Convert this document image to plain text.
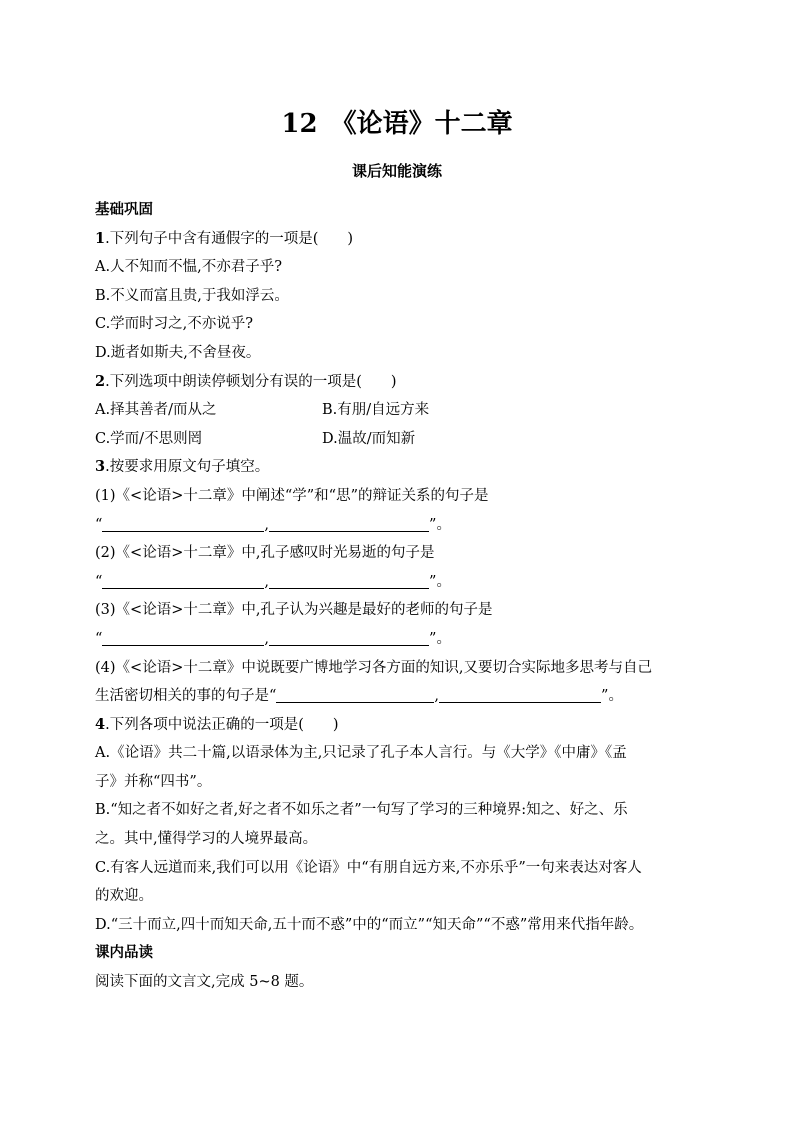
12　《论语》十二章
课后知能演练
基础巩固
1.下列句子中含有通假字的一项是(　　)
A.人不知而不愠,不亦君子乎?
B.不义而富且贵,于我如浮云。
C.学而时习之,不亦说乎?
D.逝者如斯夫,不舍昼夜。
2.下列选项中朗读停顿划分有误的一项是(　　)
A.择其善者/而从之	B.有朋/自远方来
C.学而/不思则罔	D.温故/而知新
3.按要求用原文句子填空。
(1)《<论语>十二章》中阐述“学”和“思”的辩证关系的句子是
“	,	”。
(2)《<论语>十二章》中,孔子感叹时光易逝的句子是
“	,	”。
(3)《<论语>十二章》中,孔子认为兴趣是最好的老师的句子是
“	,	”。
(4)《<论语>十二章》中说既要广博地学习各方面的知识,又要切合实际地多思考与自己
生活密切相关的事的句子是“	,	”。
4.下列各项中说法正确的一项是(　　)
A.《论语》共二十篇,以语录体为主,只记录了孔子本人言行。与《大学》《中庸》《孟
子》并称“四书”。
B.“知之者不如好之者,好之者不如乐之者”一句写了学习的三种境界:知之、好之、乐
之。其中,懂得学习的人境界最高。
C.有客人远道而来,我们可以用《论语》中“有朋自远方来,不亦乐乎”一句来表达对客人
的欢迎。
D.“三十而立,四十而知天命,五十而不惑”中的“而立”“知天命”“不惑”常用来代指年龄。
课内品读
阅读下面的文言文,完成 5~8 题。
